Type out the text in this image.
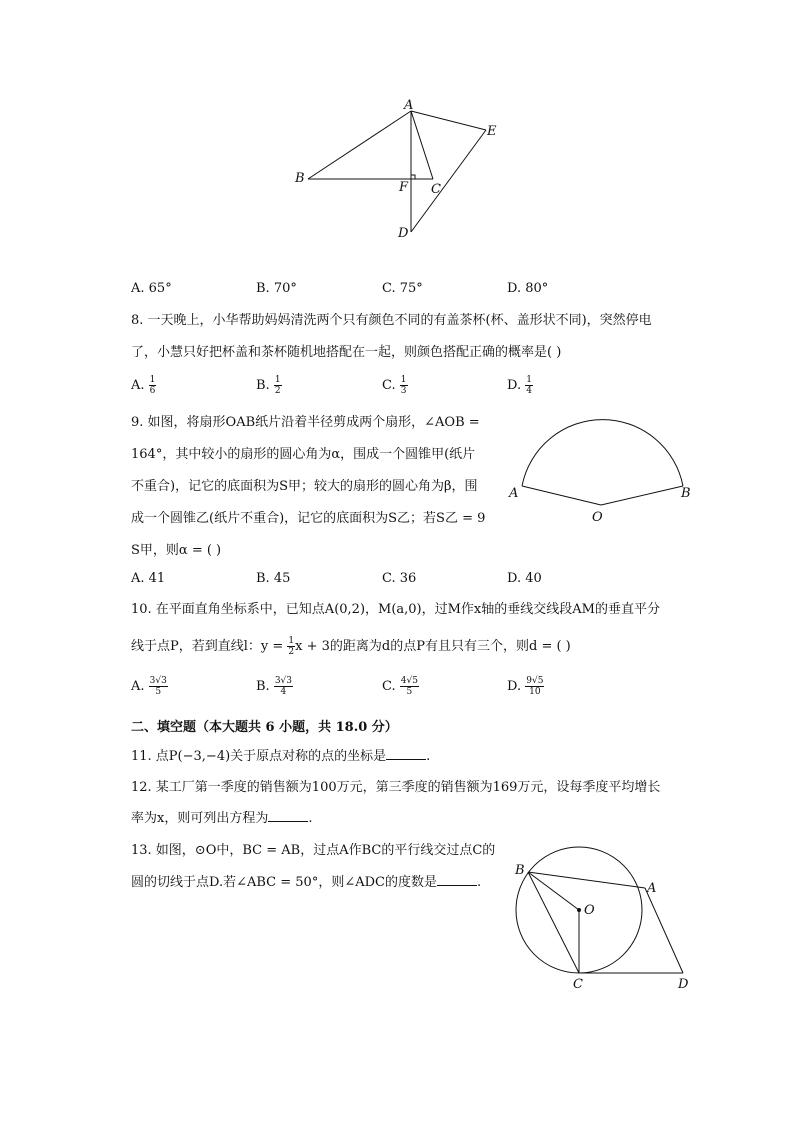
A
B
C
D
E
F
A. 65°	B. 70°	C. 75°	D. 80°
8. 一天晚上，小华帮助妈妈清洗两个只有颜色不同的有盖茶杯(杯、盖形状不同)，突然停电
了，小慧只好把杯盖和茶杯随机地搭配在一起，则颜色搭配正确的概率是( )
A. $\frac{1}{6}$	B. $\frac{1}{2}$	C. $\frac{1}{3}$	D. $\frac{1}{4}$
9. 如图，将扇形OAB纸片沿着半径剪成两个扇形，∠AOB =
164°，其中较小的扇形的圆心角为α，围成一个圆锥甲(纸片
不重合)，记它的底面积为S甲；较大的扇形的圆心角为β，围
成一个圆锥乙(纸片不重合)，记它的底面积为S乙；若S乙 = 9
S甲，则α = ( )
A	B
O
A. 41	B. 45	C. 36	D. 40
10. 在平面直角坐标系中，已知点A(0,2)，M(a,0)，过M作x轴的垂线交线段AM的垂直平分
线于点P，若到直线l：$y = \frac{1}{2}$ x + 3的距离为d的点P有且只有三个，则d = ( )
A. $\frac{3√3}{5}$	B. $\frac{3√3}{4}$	C. $\frac{4√5}{5}$	D. $\frac{9√5}{10}$
二、填空题（本大题共 6 小题，共 18.0 分）
11. 点P(−3,−4)关于原点对称的点的坐标是	.
12. 某工厂第一季度的销售额为100万元，第三季度的销售额为169万元，设每季度平均增长
率为x，则可列出方程为	.
13. 如图，⊙O中，BC = AB，过点A作BC的平行线交过点C的
圆的切线于点D.若∠ABC = 50°，则∠ADC的度数是	.
B
A
O
C	D
